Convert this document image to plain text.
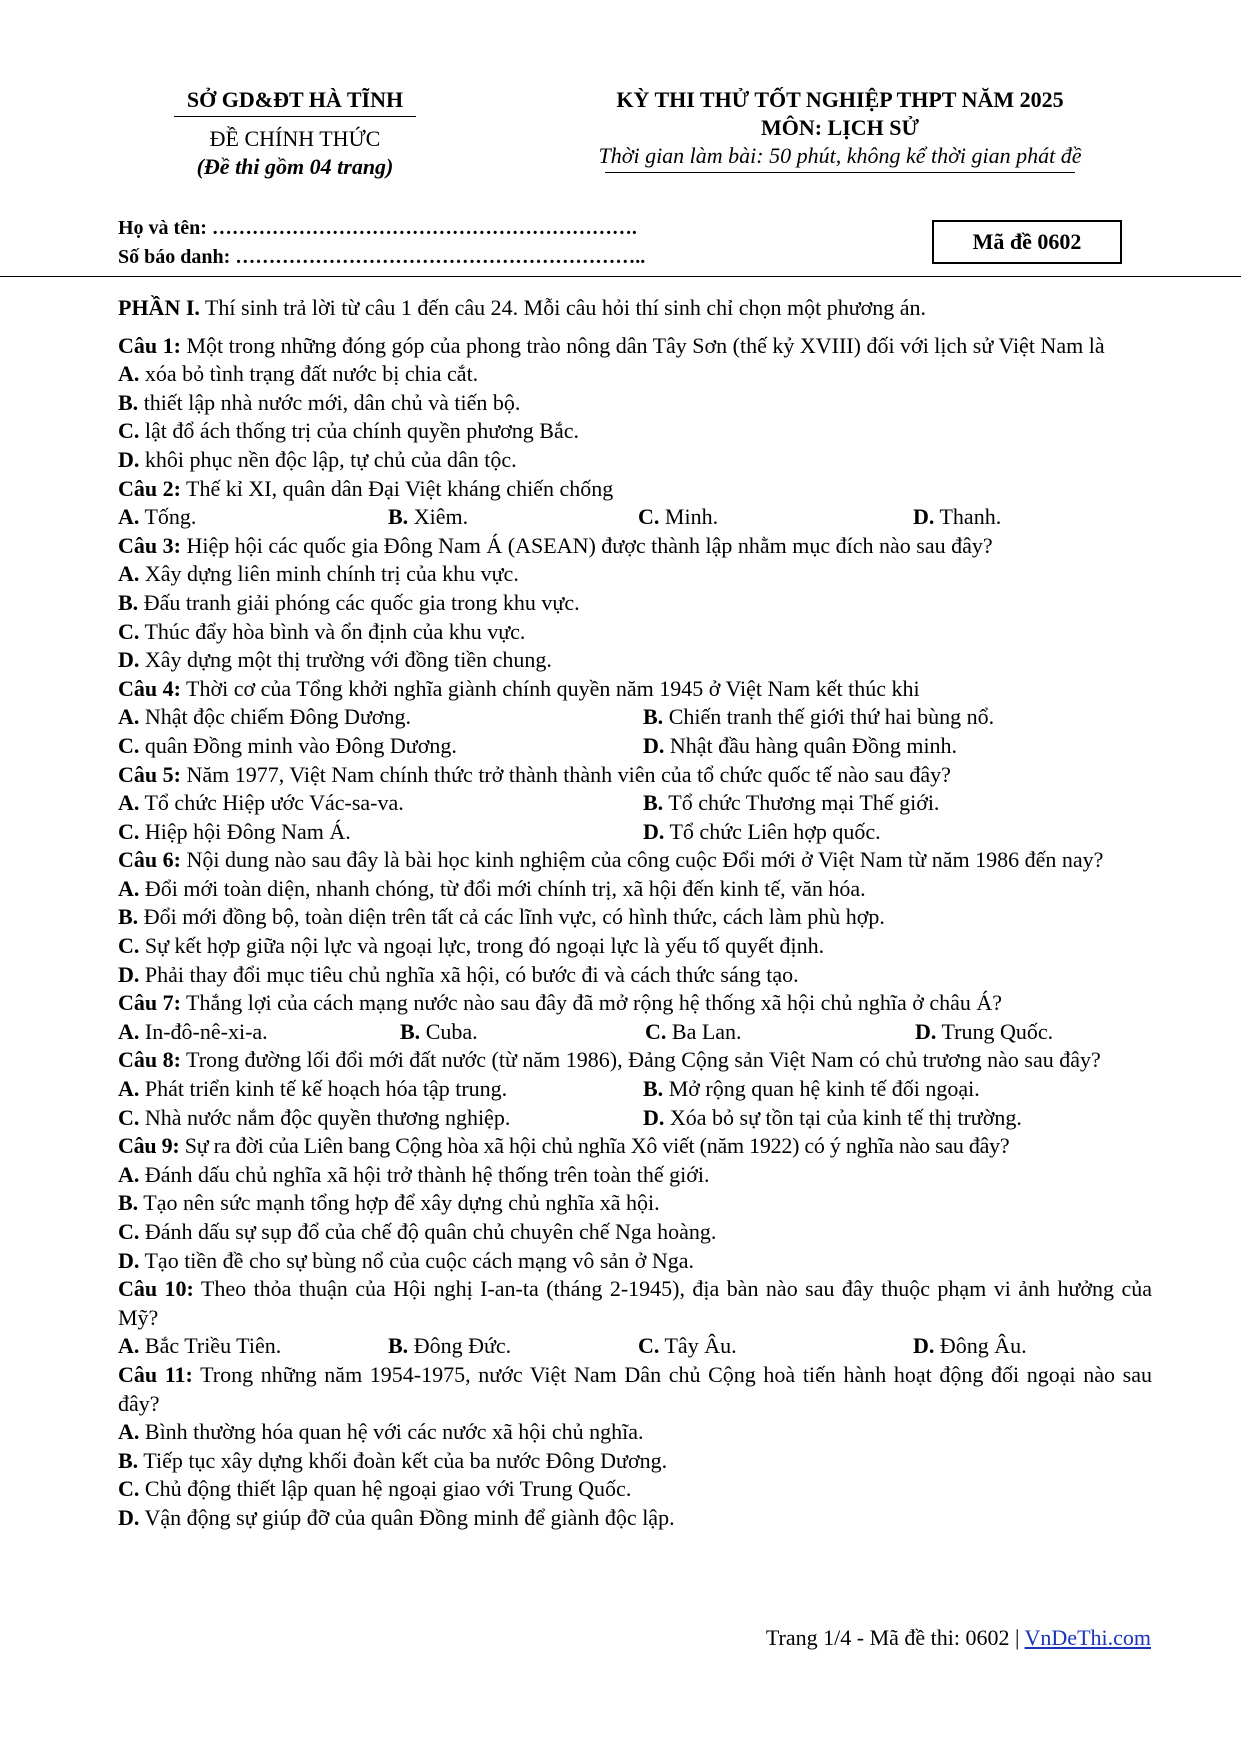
SỞ GD&ĐT HÀ TĨNH
ĐỀ CHÍNH THỨC
(Đề thi gồm 04 trang)
KỲ THI THỬ TỐT NGHIỆP THPT NĂM 2025
MÔN: LỊCH SỬ
Thời gian làm bài: 50 phút, không kể thời gian phát đề
Họ và tên: ……………………………………………………….
Số báo danh: ……………………………………………………..
Mã đề 0602
PHẦN I. Thí sinh trả lời từ câu 1 đến câu 24. Mỗi câu hỏi thí sinh chỉ chọn một phương án.
Câu 1: Một trong những đóng góp của phong trào nông dân Tây Sơn (thế kỷ XVIII) đối với lịch sử Việt Nam là
A. xóa bỏ tình trạng đất nước bị chia cắt.
B. thiết lập nhà nước mới, dân chủ và tiến bộ.
C. lật đổ ách thống trị của chính quyền phương Bắc.
D. khôi phục nền độc lập, tự chủ của dân tộc.
Câu 2: Thế kỉ XI, quân dân Đại Việt kháng chiến chống
A. Tống.	B. Xiêm.	C. Minh.	D. Thanh.
Câu 3: Hiệp hội các quốc gia Đông Nam Á (ASEAN) được thành lập nhằm mục đích nào sau đây?
A. Xây dựng liên minh chính trị của khu vực.
B. Đấu tranh giải phóng các quốc gia trong khu vực.
C. Thúc đẩy hòa bình và ổn định của khu vực.
D. Xây dựng một thị trường với đồng tiền chung.
Câu 4: Thời cơ của Tổng khởi nghĩa giành chính quyền năm 1945 ở Việt Nam kết thúc khi
A. Nhật độc chiếm Đông Dương.	B. Chiến tranh thế giới thứ hai bùng nổ.
C. quân Đồng minh vào Đông Dương.	D. Nhật đầu hàng quân Đồng minh.
Câu 5: Năm 1977, Việt Nam chính thức trở thành thành viên của tổ chức quốc tế nào sau đây?
A. Tổ chức Hiệp ước Vác-sa-va.	B. Tổ chức Thương mại Thế giới.
C. Hiệp hội Đông Nam Á.	D. Tổ chức Liên hợp quốc.
Câu 6: Nội dung nào sau đây là bài học kinh nghiệm của công cuộc Đổi mới ở Việt Nam từ năm 1986 đến nay?
A. Đổi mới toàn diện, nhanh chóng, từ đổi mới chính trị, xã hội đến kinh tế, văn hóa.
B. Đổi mới đồng bộ, toàn diện trên tất cả các lĩnh vực, có hình thức, cách làm phù hợp.
C. Sự kết hợp giữa nội lực và ngoại lực, trong đó ngoại lực là yếu tố quyết định.
D. Phải thay đổi mục tiêu chủ nghĩa xã hội, có bước đi và cách thức sáng tạo.
Câu 7: Thắng lợi của cách mạng nước nào sau đây đã mở rộng hệ thống xã hội chủ nghĩa ở châu Á?
A. In-đô-nê-xi-a.	B. Cuba.	C. Ba Lan.	D. Trung Quốc.
Câu 8: Trong đường lối đổi mới đất nước (từ năm 1986), Đảng Cộng sản Việt Nam có chủ trương nào sau đây?
A. Phát triển kinh tế kế hoạch hóa tập trung.	B. Mở rộng quan hệ kinh tế đối ngoại.
C. Nhà nước nắm độc quyền thương nghiệp.	D. Xóa bỏ sự tồn tại của kinh tế thị trường.
Câu 9: Sự ra đời của Liên bang Cộng hòa xã hội chủ nghĩa Xô viết (năm 1922) có ý nghĩa nào sau đây?
A. Đánh dấu chủ nghĩa xã hội trở thành hệ thống trên toàn thế giới.
B. Tạo nên sức mạnh tổng hợp để xây dựng chủ nghĩa xã hội.
C. Đánh dấu sự sụp đổ của chế độ quân chủ chuyên chế Nga hoàng.
D. Tạo tiền đề cho sự bùng nổ của cuộc cách mạng vô sản ở Nga.
Câu 10: Theo thỏa thuận của Hội nghị I-an-ta (tháng 2-1945), địa bàn nào sau đây thuộc phạm vi ảnh hưởng của Mỹ?
A. Bắc Triều Tiên.	B. Đông Đức.	C. Tây Âu.	D. Đông Âu.
Câu 11: Trong những năm 1954-1975, nước Việt Nam Dân chủ Cộng hoà tiến hành hoạt động đối ngoại nào sau đây?
A. Bình thường hóa quan hệ với các nước xã hội chủ nghĩa.
B. Tiếp tục xây dựng khối đoàn kết của ba nước Đông Dương.
C. Chủ động thiết lập quan hệ ngoại giao với Trung Quốc.
D. Vận động sự giúp đỡ của quân Đồng minh để giành độc lập.
Trang 1/4 - Mã đề thi: 0602 | VnDeThi.com
